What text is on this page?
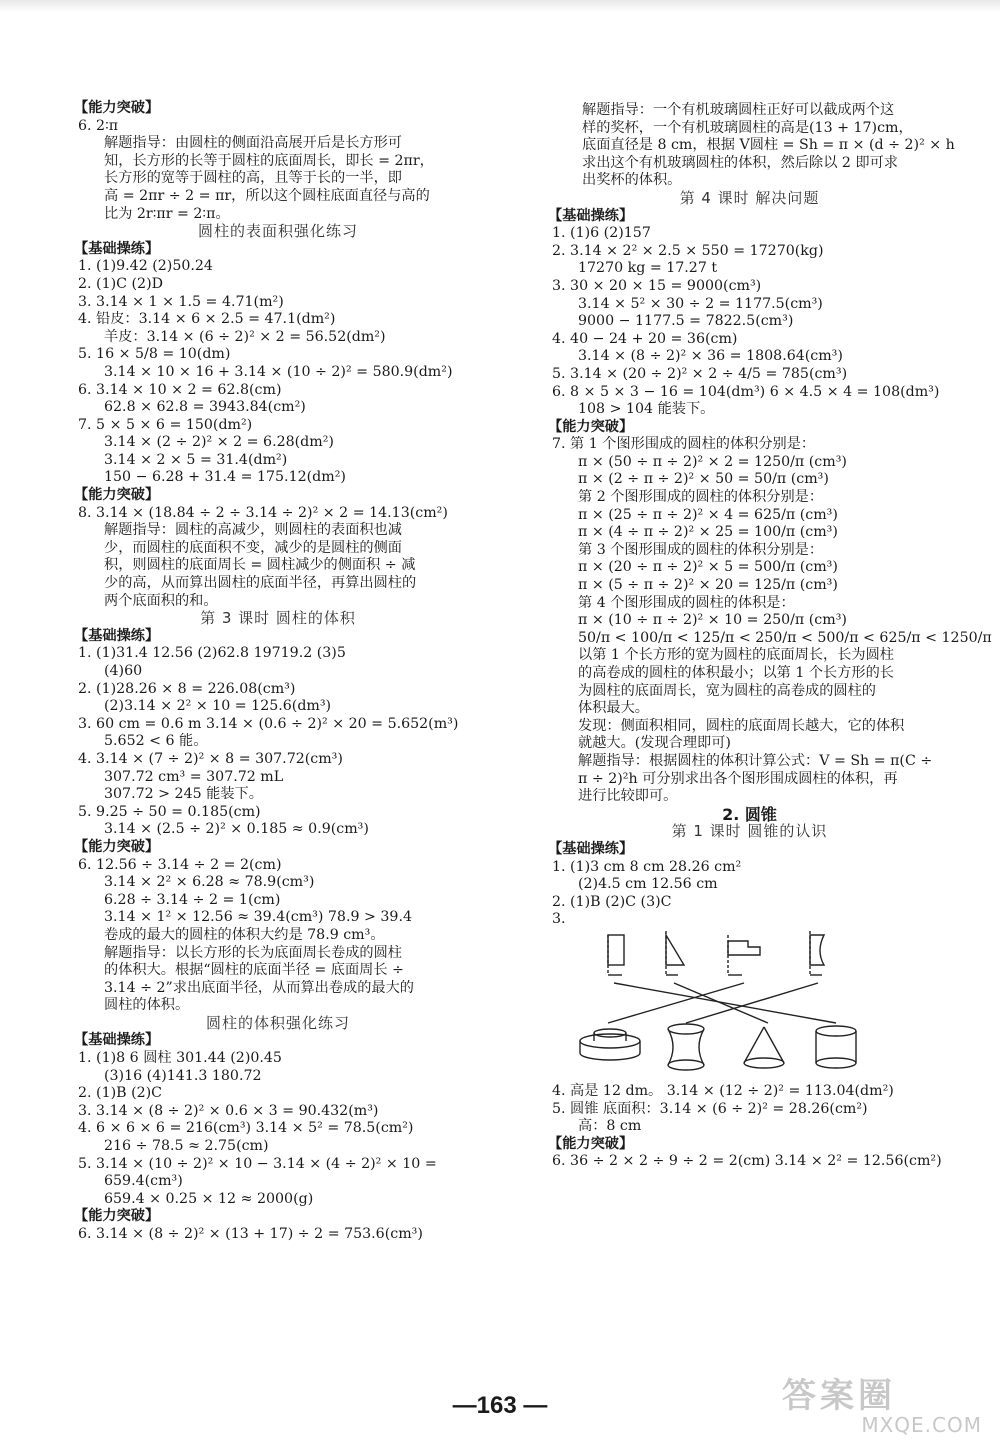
【能力突破】
6. 2∶π
解题指导：由圆柱的侧面沿高展开后是长方形可
知，长方形的长等于圆柱的底面周长，即长 = 2πr，
长方形的宽等于圆柱的高，且等于长的一半，即
高 = 2πr ÷ 2 = πr，所以这个圆柱底面直径与高的
比为 2r∶πr = 2∶π。
圆柱的表面积强化练习
【基础操练】
1. (1)9.42 (2)50.24
2. (1)C (2)D
3. 3.14 × 1 × 1.5 = 4.71(m²)
4. 铅皮：3.14 × 6 × 2.5 = 47.1(dm²)
羊皮：3.14 × (6 ÷ 2)² × 2 = 56.52(dm²)
5. 16 × 5/8 = 10(dm)
3.14 × 10 × 16 + 3.14 × (10 ÷ 2)² = 580.9(dm²)
6. 3.14 × 10 × 2 = 62.8(cm)
62.8 × 62.8 = 3943.84(cm²)
7. 5 × 5 × 6 = 150(dm²)
3.14 × (2 ÷ 2)² × 2 = 6.28(dm²)
3.14 × 2 × 5 = 31.4(dm²)
150 − 6.28 + 31.4 = 175.12(dm²)
【能力突破】
8. 3.14 × (18.84 ÷ 2 ÷ 3.14 ÷ 2)² × 2 = 14.13(cm²)
解题指导：圆柱的高减少，则圆柱的表面积也减
少，而圆柱的底面积不变，减少的是圆柱的侧面
积，则圆柱的底面周长 = 圆柱减少的侧面积 ÷ 减
少的高，从而算出圆柱的底面半径，再算出圆柱的
两个底面积的和。
第 3 课时 圆柱的体积
【基础操练】
1. (1)31.4 12.56 (2)62.8 19719.2 (3)5
(4)60
2. (1)28.26 × 8 = 226.08(cm³)
(2)3.14 × 2² × 10 = 125.6(dm³)
3. 60 cm = 0.6 m 3.14 × (0.6 ÷ 2)² × 20 = 5.652(m³)
5.652 < 6 能。
4. 3.14 × (7 ÷ 2)² × 8 = 307.72(cm³)
307.72 cm³ = 307.72 mL
307.72 > 245 能装下。
5. 9.25 ÷ 50 = 0.185(cm)
3.14 × (2.5 ÷ 2)² × 0.185 ≈ 0.9(cm³)
【能力突破】
6. 12.56 ÷ 3.14 ÷ 2 = 2(cm)
3.14 × 2² × 6.28 ≈ 78.9(cm³)
6.28 ÷ 3.14 ÷ 2 = 1(cm)
3.14 × 1² × 12.56 ≈ 39.4(cm³) 78.9 > 39.4
卷成的最大的圆柱的体积大约是 78.9 cm³。
解题指导：以长方形的长为底面周长卷成的圆柱
的体积大。根据“圆柱的底面半径 = 底面周长 ÷
3.14 ÷ 2”求出底面半径，从而算出卷成的最大的
圆柱的体积。
圆柱的体积强化练习
【基础操练】
1. (1)8 6 圆柱 301.44 (2)0.45
(3)16 (4)141.3 180.72
2. (1)B (2)C
3. 3.14 × (8 ÷ 2)² × 0.6 × 3 = 90.432(m³)
4. 6 × 6 × 6 = 216(cm³) 3.14 × 5² = 78.5(cm²)
216 ÷ 78.5 ≈ 2.75(cm)
5. 3.14 × (10 ÷ 2)² × 10 − 3.14 × (4 ÷ 2)² × 10 =
659.4(cm³)
659.4 × 0.25 × 12 ≈ 2000(g)
【能力突破】
6. 3.14 × (8 ÷ 2)² × (13 + 17) ÷ 2 = 753.6(cm³)
解题指导：一个有机玻璃圆柱正好可以截成两个这
样的奖杯，一个有机玻璃圆柱的高是(13 + 17)cm，
底面直径是 8 cm，根据 V圆柱 = Sh = π × (d ÷ 2)² × h
求出这个有机玻璃圆柱的体积，然后除以 2 即可求
出奖杯的体积。
第 4 课时 解决问题
【基础操练】
1. (1)6 (2)157
2. 3.14 × 2² × 2.5 × 550 = 17270(kg)
17270 kg = 17.27 t
3. 30 × 20 × 15 = 9000(cm³)
3.14 × 5² × 30 ÷ 2 = 1177.5(cm³)
9000 − 1177.5 = 7822.5(cm³)
4. 40 − 24 + 20 = 36(cm)
3.14 × (8 ÷ 2)² × 36 = 1808.64(cm³)
5. 3.14 × (20 ÷ 2)² × 2 ÷ 4/5 = 785(cm³)
6. 8 × 5 × 3 − 16 = 104(dm³) 6 × 4.5 × 4 = 108(dm³)
108 > 104 能装下。
【能力突破】
7. 第 1 个图形围成的圆柱的体积分别是：
π × (50 ÷ π ÷ 2)² × 2 = 1250/π (cm³)
π × (2 ÷ π ÷ 2)² × 50 = 50/π (cm³)
第 2 个图形围成的圆柱的体积分别是：
π × (25 ÷ π ÷ 2)² × 4 = 625/π (cm³)
π × (4 ÷ π ÷ 2)² × 25 = 100/π (cm³)
第 3 个图形围成的圆柱的体积分别是：
π × (20 ÷ π ÷ 2)² × 5 = 500/π (cm³)
π × (5 ÷ π ÷ 2)² × 20 = 125/π (cm³)
第 4 个图形围成的圆柱的体积是：
π × (10 ÷ π ÷ 2)² × 10 = 250/π (cm³)
50/π < 100/π < 125/π < 250/π < 500/π < 625/π < 1250/π
以第 1 个长方形的宽为圆柱的底面周长，长为圆柱
的高卷成的圆柱的体积最小；以第 1 个长方形的长
为圆柱的底面周长，宽为圆柱的高卷成的圆柱的
体积最大。
发现：侧面积相同，圆柱的底面周长越大，它的体积
就越大。(发现合理即可)
解题指导：根据圆柱的体积计算公式：V = Sh = π(C ÷
π ÷ 2)²h 可分别求出各个图形围成圆柱的体积，再
进行比较即可。
2. 圆锥
第 1 课时 圆锥的认识
【基础操练】
1. (1)3 cm 8 cm 28.26 cm²
(2)4.5 cm 12.56 cm
2. (1)B (2)C (3)C
3.
4. 高是 12 dm。 3.14 × (12 ÷ 2)² = 113.04(dm²)
5. 圆锥 底面积：3.14 × (6 ÷ 2)² = 28.26(cm²)
高：8 cm
【能力突破】
6. 36 ÷ 2 × 2 ÷ 9 ÷ 2 = 2(cm) 3.14 × 2² = 12.56(cm²)
—163 —	答案圈
MXQE.COM
